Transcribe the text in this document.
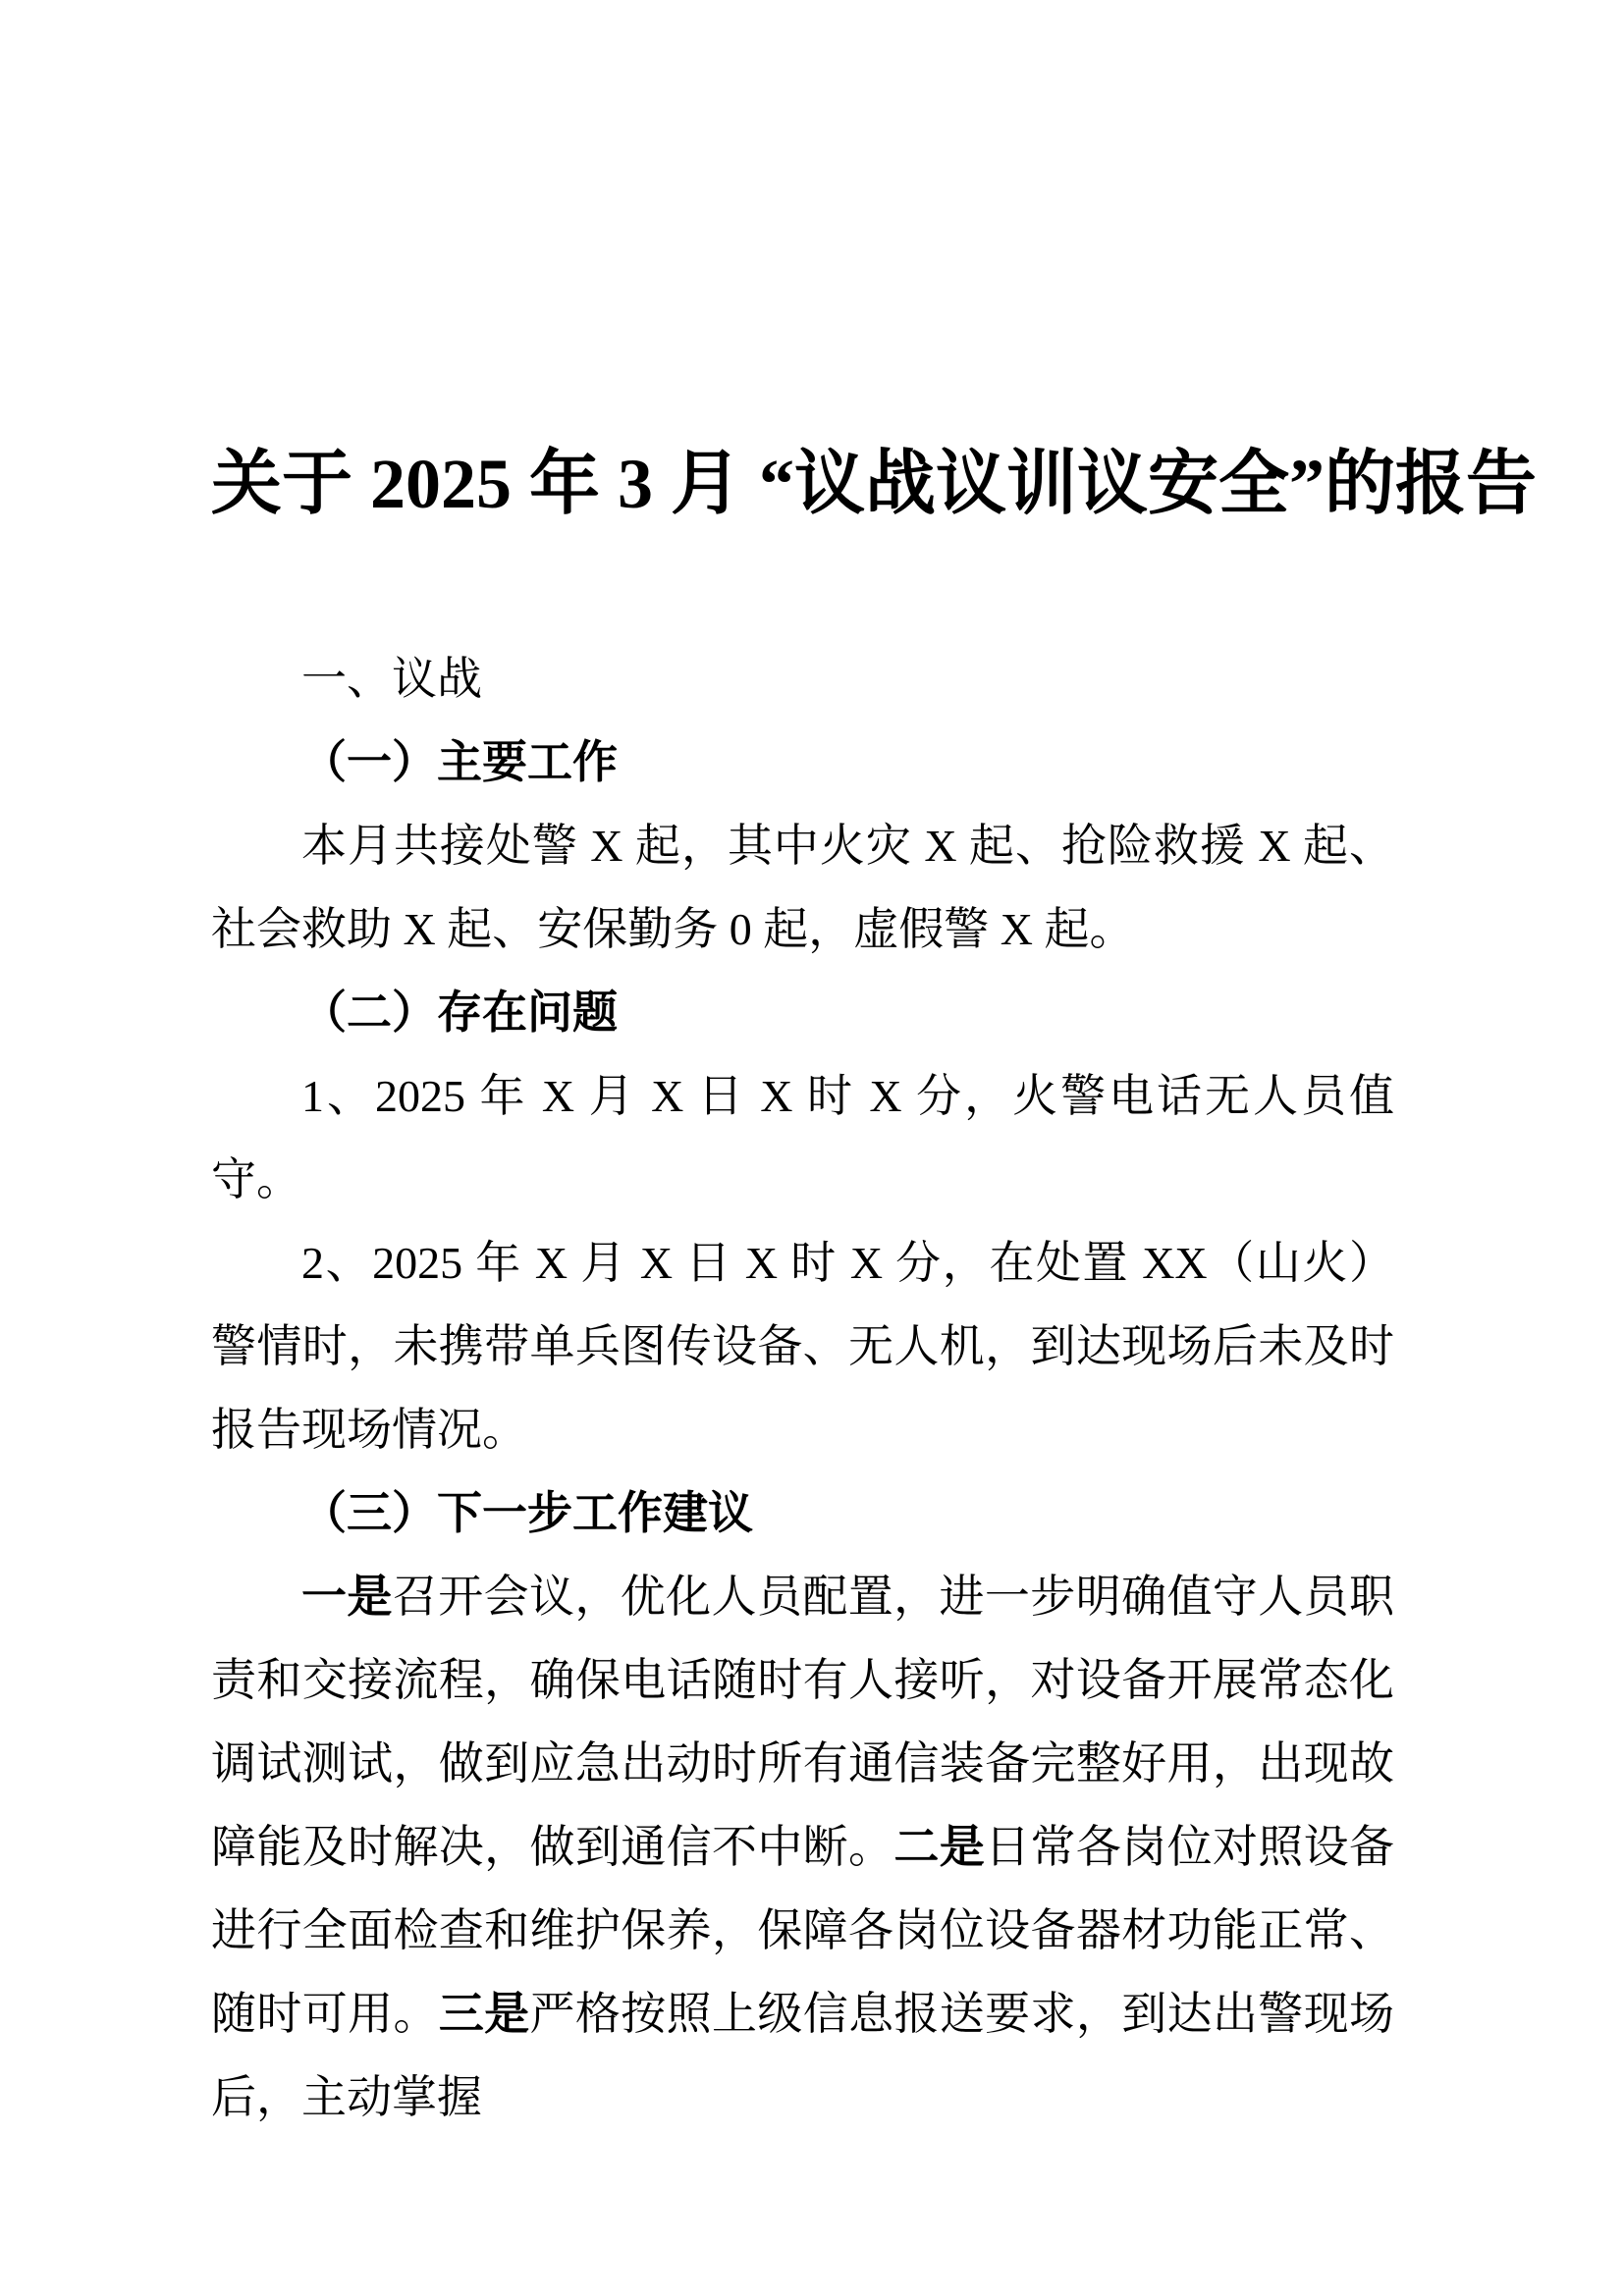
关于 2025 年 3 月 “议战议训议安全”的报告

一、议战

（一）主要工作

本月共接处警 X 起，其中火灾 X 起、抢险救援 X 起、社会救助 X 起、安保勤务 0 起，虚假警 X 起。

（二）存在问题

1、2025 年 X 月 X 日 X 时 X 分，火警电话无人员值守。

2、2025 年 X 月 X 日 X 时 X 分，在处置 XX（山火）警情时，未携带单兵图传设备、无人机，到达现场后未及时报告现场情况。

（三）下一步工作建议

一是召开会议，优化人员配置，进一步明确值守人员职责和交接流程，确保电话随时有人接听，对设备开展常态化调试测试，做到应急出动时所有通信装备完整好用，出现故障能及时解决，做到通信不中断。二是日常各岗位对照设备进行全面检查和维护保养，保障各岗位设备器材功能正常、随时可用。三是严格按照上级信息报送要求，到达出警现场后，主动掌握
